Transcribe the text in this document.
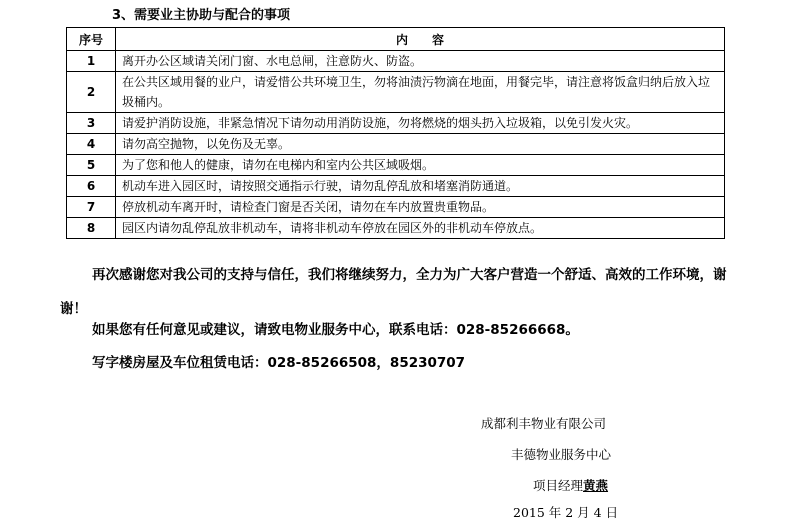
3、需要业主协助与配合的事项
序号	内　　容
1	离开办公区域请关闭门窗、水电总闸，注意防火、防盗。
2	在公共区域用餐的业户，请爱惜公共环境卫生，勿将油渍污物滴在地面，用餐完毕，请注意将饭盒归纳后放入垃圾桶内。
3	请爱护消防设施，非紧急情况下请勿动用消防设施，勿将燃烧的烟头扔入垃圾箱，以免引发火灾。
4	请勿高空抛物，以免伤及无辜。
5	为了您和他人的健康，请勿在电梯内和室内公共区域吸烟。
6	机动车进入园区时，请按照交通指示行驶，请勿乱停乱放和堵塞消防通道。
7	停放机动车离开时，请检查门窗是否关闭，请勿在车内放置贵重物品。
8	园区内请勿乱停乱放非机动车，请将非机动车停放在园区外的非机动车停放点。
再次感谢您对我公司的支持与信任，我们将继续努力，全力为广大客户营造一个舒适、高效的工作环境，谢谢！
如果您有任何意见或建议，请致电物业服务中心，联系电话：028-85266668。
写字楼房屋及车位租赁电话：028-85266508，85230707
成都利丰物业有限公司
丰德物业服务中心
项目经理黄燕
2015 年 2 月 4 日
